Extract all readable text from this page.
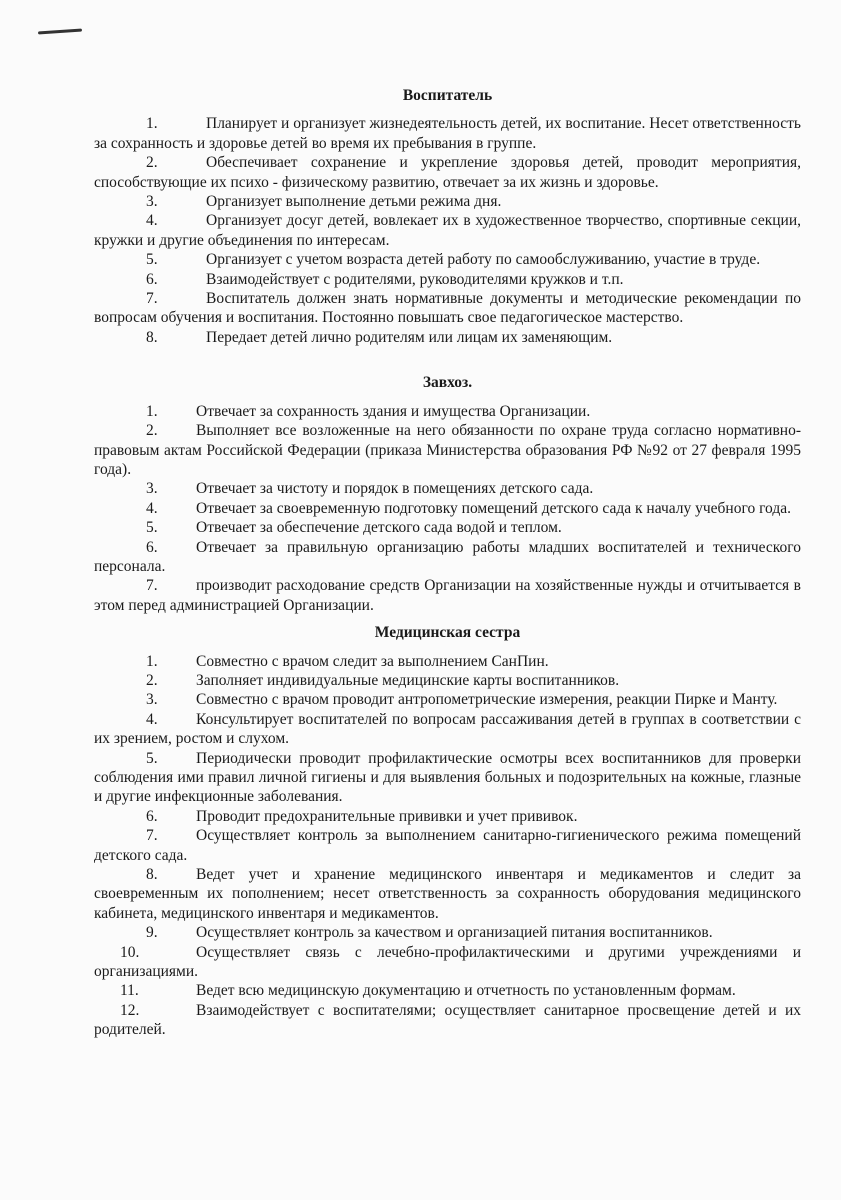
Воспитатель
1.	Планирует и организует жизнедеятельность детей, их воспитание. Несет ответственность за сохранность и здоровье детей во время их пребывания в группе.
2.	Обеспечивает сохранение и укрепление здоровья детей, проводит мероприятия, способствующие их психо - физическому развитию, отвечает за их жизнь и здоровье.
3.	Организует выполнение детьми режима дня.
4.	Организует досуг детей, вовлекает их в художественное творчество, спортивные секции, кружки и другие объединения по интересам.
5.	Организует с учетом возраста детей работу по самообслуживанию, участие в труде.
6.	Взаимодействует с родителями, руководителями кружков и т.п.
7.	Воспитатель должен знать нормативные документы и методические рекомендации по вопросам обучения и воспитания. Постоянно повышать свое педагогическое мастерство.
8.	Передает детей лично родителям или лицам их заменяющим.
Завхоз.
1. Отвечает за сохранность здания и имущества Организации.
2. Выполняет все возложенные на него обязанности по охране труда согласно нормативно-правовым актам Российской Федерации (приказа Министерства образования РФ №92 от 27 февраля 1995 года).
3. Отвечает за чистоту и порядок в помещениях детского сада.
4. Отвечает за своевременную подготовку помещений детского сада к началу учебного года.
5. Отвечает за обеспечение детского сада водой и теплом.
6. Отвечает за правильную организацию работы младших воспитателей и технического персонала.
7. производит расходование средств Организации на хозяйственные нужды и отчитывается в этом перед администрацией Организации.
Медицинская сестра
1. Совместно с врачом следит за выполнением СанПин.
2. Заполняет индивидуальные медицинские карты воспитанников.
3. Совместно с врачом проводит антропометрические измерения, реакции Пирке и Манту.
4. Консультирует воспитателей по вопросам рассаживания детей в группах в соответствии с их зрением, ростом и слухом.
5. Периодически проводит профилактические осмотры всех воспитанников для проверки соблюдения ими правил личной гигиены и для выявления больных и подозрительных на кожные, глазные и другие инфекционные заболевания.
6. Проводит предохранительные прививки и учет прививок.
7. Осуществляет контроль за выполнением санитарно-гигиенического режима помещений детского сада.
8. Ведет учет и хранение медицинского инвентаря и медикаментов и следит за своевременным их пополнением; несет ответственность за сохранность оборудования медицинского кабинета, медицинского инвентаря и медикаментов.
9. Осуществляет контроль за качеством и организацией питания воспитанников.
10.	Осуществляет связь с лечебно-профилактическими и другими учреждениями и организациями.
11.	Ведет всю медицинскую документацию и отчетность по установленным формам.
12.	Взаимодействует с воспитателями; осуществляет санитарное просвещение детей и их родителей.
